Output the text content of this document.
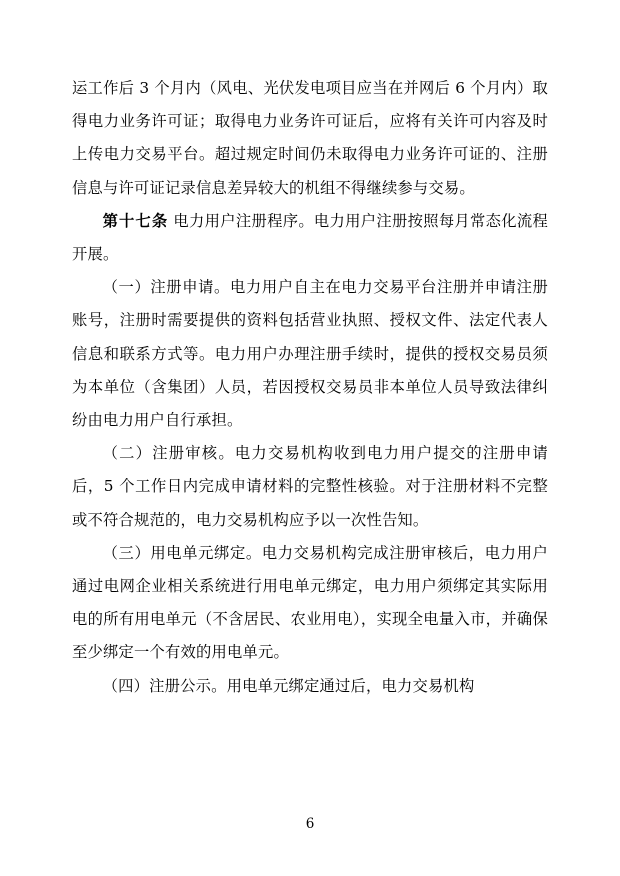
运工作后 3 个月内（风电、光伏发电项目应当在并网后 6 个月内）取得电力业务许可证；取得电力业务许可证后，应将有关许可内容及时上传电力交易平台。超过规定时间仍未取得电力业务许可证的、注册信息与许可证记录信息差异较大的机组不得继续参与交易。

第十七条 电力用户注册程序。电力用户注册按照每月常态化流程开展。

（一）注册申请。电力用户自主在电力交易平台注册并申请注册账号，注册时需要提供的资料包括营业执照、授权文件、法定代表人信息和联系方式等。电力用户办理注册手续时，提供的授权交易员须为本单位（含集团）人员，若因授权交易员非本单位人员导致法律纠纷由电力用户自行承担。

（二）注册审核。电力交易机构收到电力用户提交的注册申请后，5 个工作日内完成申请材料的完整性核验。对于注册材料不完整或不符合规范的，电力交易机构应予以一次性告知。

（三）用电单元绑定。电力交易机构完成注册审核后，电力用户通过电网企业相关系统进行用电单元绑定，电力用户须绑定其实际用电的所有用电单元（不含居民、农业用电），实现全电量入市，并确保至少绑定一个有效的用电单元。

（四）注册公示。用电单元绑定通过后，电力交易机构

6
